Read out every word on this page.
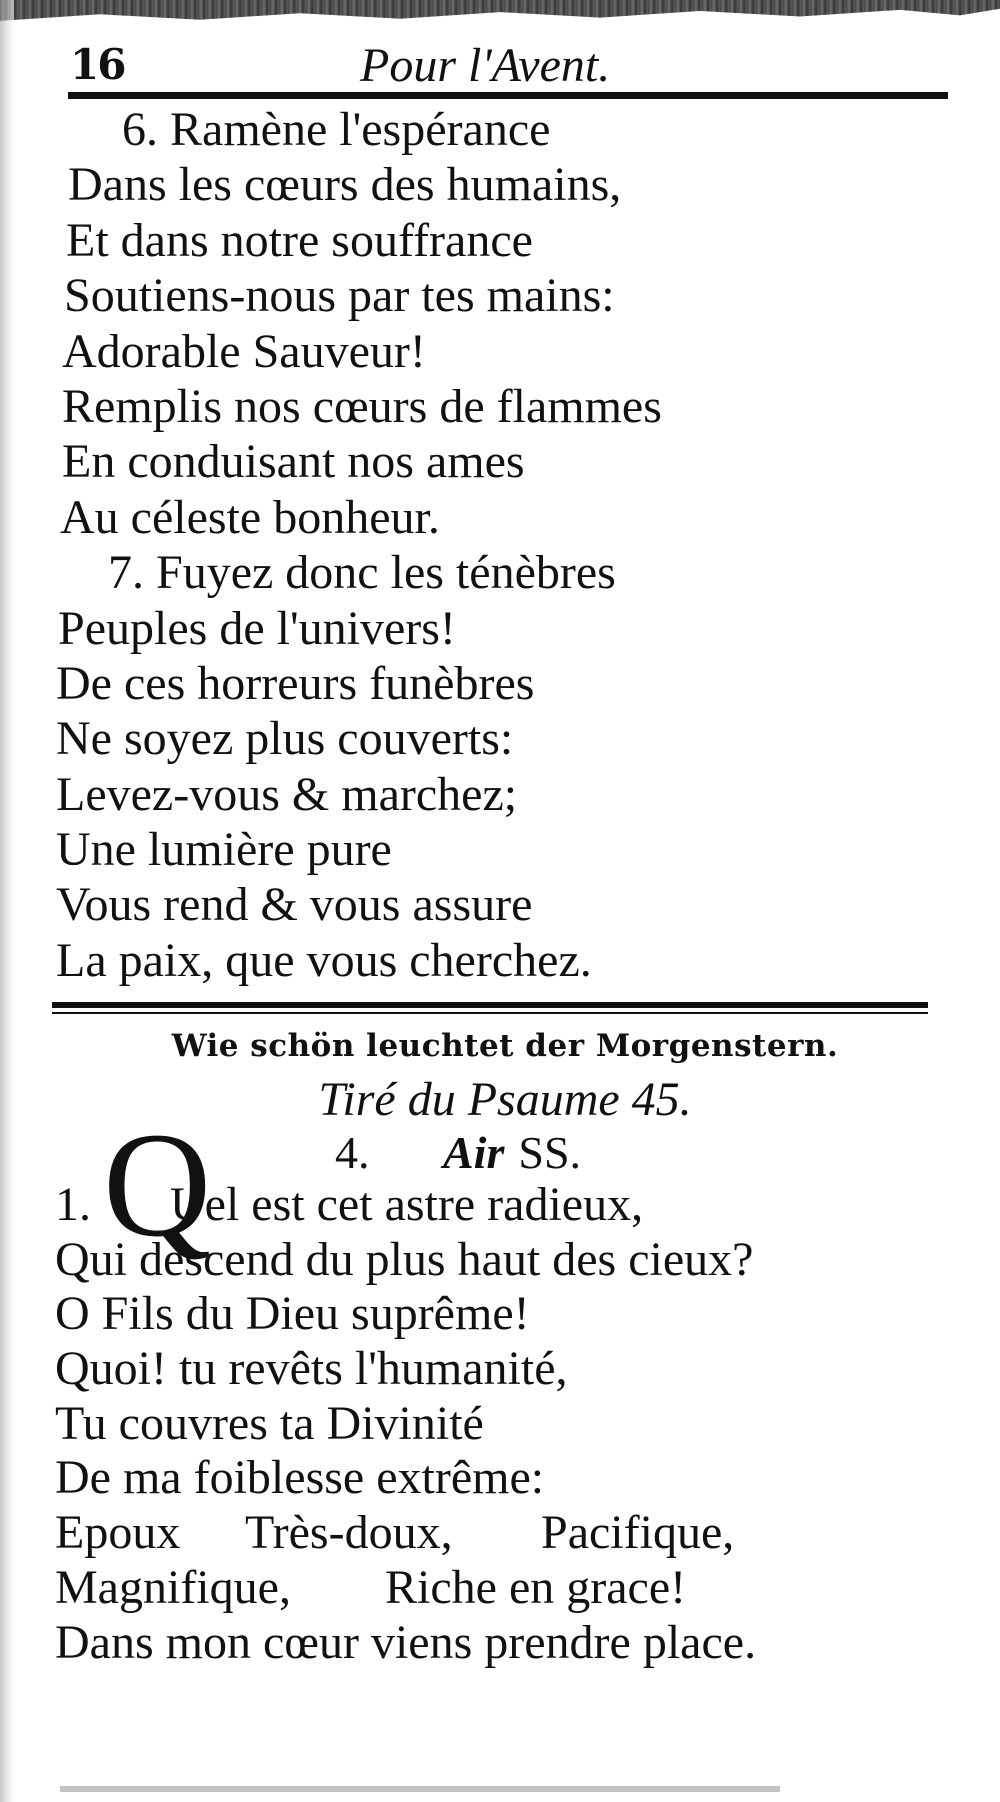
16	Pour l'Avent.
6. Ramène l'espérance
Dans les cœurs des humains,
Et dans notre souffrance
Soutiens-nous par tes mains:
Adorable Sauveur!
Remplis nos cœurs de flammes
En conduisant nos ames
Au céleste bonheur.
7. Fuyez donc les ténèbres
Peuples de l'univers!
De ces horreurs funèbres
Ne soyez plus couverts:
Levez-vous & marchez;
Une lumière pure
Vous rend & vous assure
La paix, que vous cherchez.
Wie schön leuchtet der Morgenstern.
Tiré du Psaume 45.
4. Air SS.
Q
1. Uel est cet astre radieux,
Qui descend du plus haut des cieux?
O Fils du Dieu suprême!
Quoi! tu revêts l'humanité,
Tu couvres ta Divinité
De ma foiblesse extrême:
Epoux Très-doux, Pacifique,
Magnifique, Riche en grace!
Dans mon cœur viens prendre place.
